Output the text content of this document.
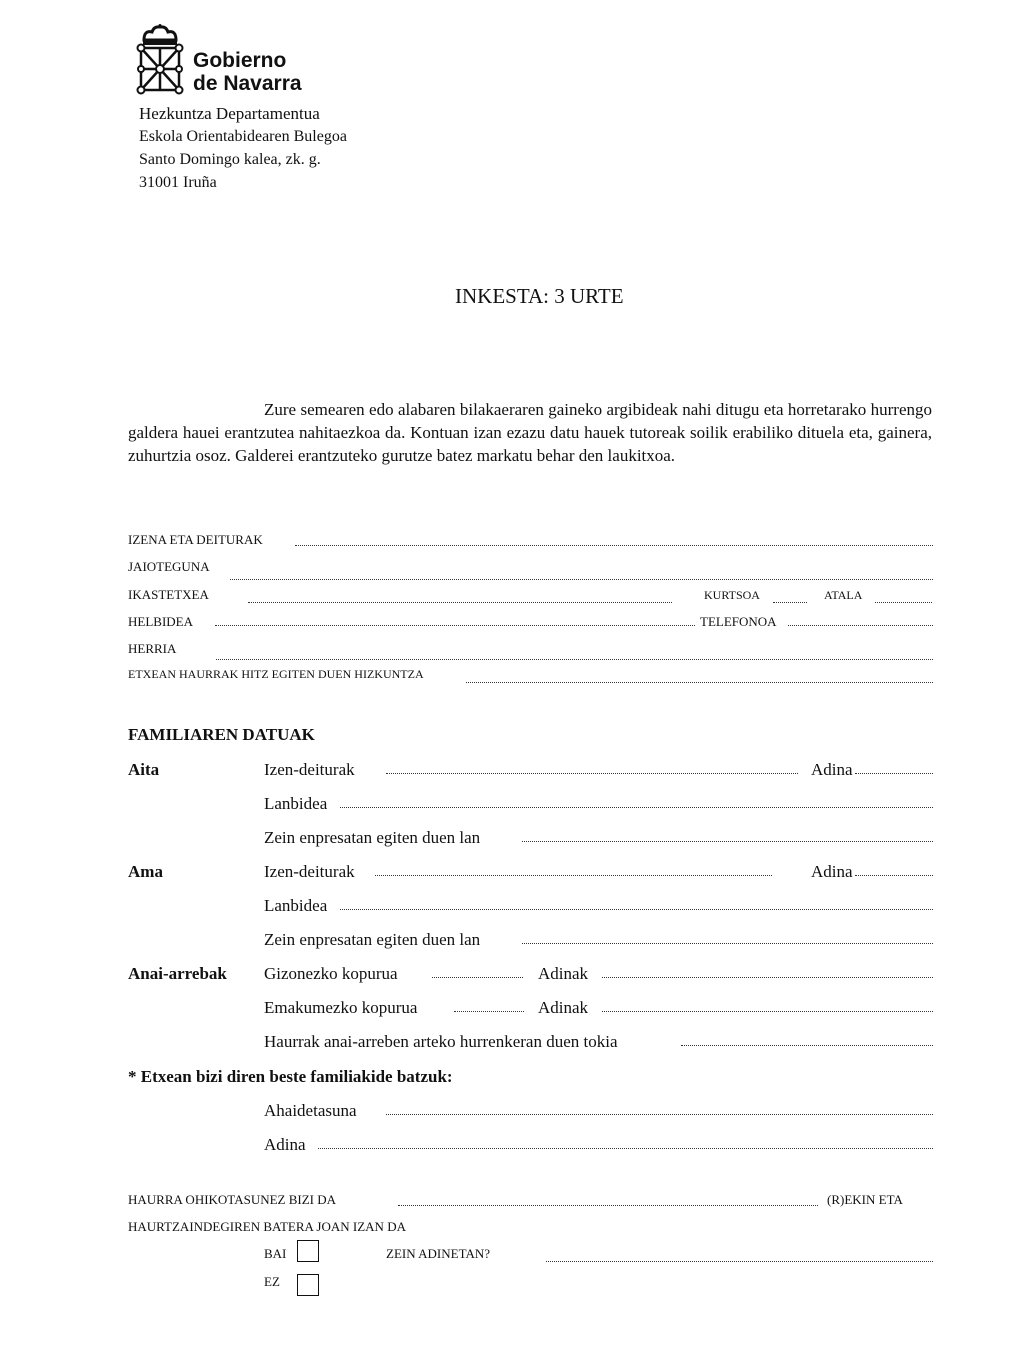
Gobierno
de Navarra
Hezkuntza Departamentua
Eskola Orientabidearen Bulegoa
Santo Domingo kalea, zk. g.
31001 Iruña
INKESTA: 3 URTE
Zure semearen edo alabaren bilakaeraren gaineko argibideak nahi ditugu eta horretarako hurrengo galdera hauei erantzutea nahitaezkoa da. Kontuan izan ezazu datu hauek tutoreak soilik erabiliko dituela eta, gainera, zuhurtzia osoz. Galderei erantzuteko gurutze batez markatu behar den laukitxoa.
IZENA ETA DEITURAK
JAIOTEGUNA
IKASTETXEA	KURTSOA	ATALA
HELBIDEA	TELEFONOA
HERRIA
ETXEAN HAURRAK HITZ EGITEN DUEN HIZKUNTZA
FAMILIAREN DATUAK
Aita	Izen-deiturak	Adina
Lanbidea
Zein enpresatan egiten duen lan
Ama	Izen-deiturak	Adina
Lanbidea
Zein enpresatan egiten duen lan
Anai-arrebak Gizonezko kopurua	Adinak
Emakumezko kopurua	Adinak
Haurrak anai-arreben arteko hurrenkeran duen tokia
* Etxean bizi diren beste familiakide batzuk:
Ahaidetasuna
Adina
HAURRA OHIKOTASUNEZ BIZI DA	(R)EKIN ETA
HAURTZAINDEGIREN BATERA JOAN IZAN DA
BAI	ZEIN ADINETAN?
EZ
